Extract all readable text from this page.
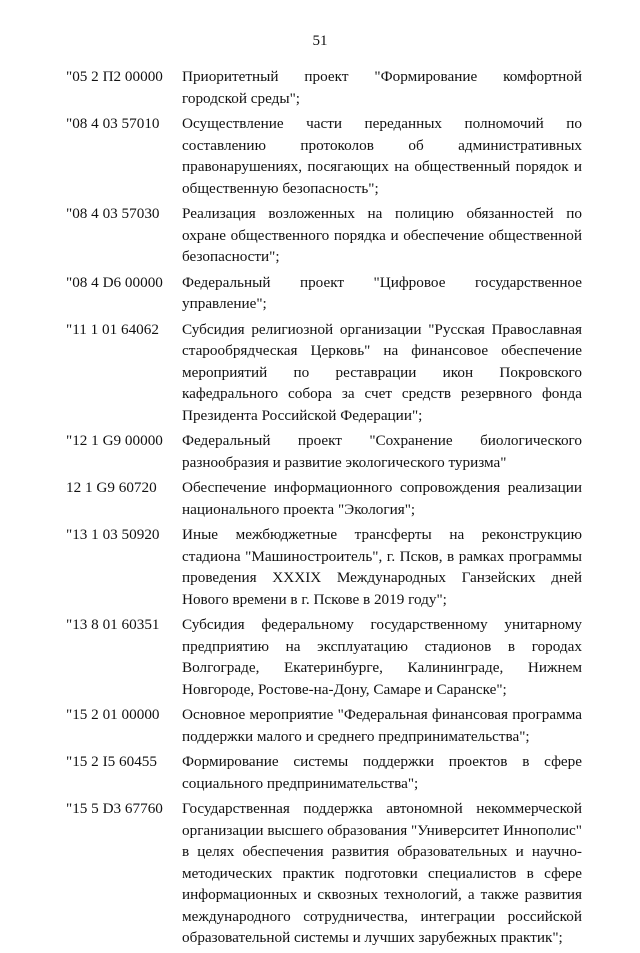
51
"05 2 П2 00000	Приоритетный проект "Формирование комфортной городской среды";
"08 4 03 57010	Осуществление части переданных полномочий по составлению протоколов об административных правонарушениях, посягающих на общественный порядок и общественную безопасность";
"08 4 03 57030	Реализация возложенных на полицию обязанностей по охране общественного порядка и обеспечение общественной безопасности";
"08 4 D6 00000	Федеральный проект "Цифровое государственное управление";
"11 1 01 64062	Субсидия религиозной организации "Русская Православная старообрядческая Церковь" на финансовое обеспечение мероприятий по реставрации икон Покровского кафедрального собора за счет средств резервного фонда Президента Российской Федерации";
"12 1 G9 00000	Федеральный проект "Сохранение биологического разнообразия и развитие экологического туризма"
12 1 G9 60720	Обеспечение информационного сопровождения реализации национального проекта "Экология";
"13 1 03 50920	Иные межбюджетные трансферты на реконструкцию стадиона "Машиностроитель", г. Псков, в рамках программы проведения XXXIX Международных Ганзейских дней Нового времени в г. Пскове в 2019 году";
"13 8 01 60351	Субсидия федеральному государственному унитарному предприятию на эксплуатацию стадионов в городах Волгограде, Екатеринбурге, Калининграде, Нижнем Новгороде, Ростове-на-Дону, Самаре и Саранске";
"15 2 01 00000	Основное мероприятие "Федеральная финансовая программа поддержки малого и среднего предпринимательства";
"15 2 I5 60455	Формирование системы поддержки проектов в сфере социального предпринимательства";
"15 5 D3 67760	Государственная поддержка автономной некоммерческой организации высшего образования "Университет Иннополис" в целях обеспечения развития образовательных и научно-методических практик подготовки специалистов в сфере информационных и сквозных технологий, а также развития международного сотрудничества, интеграции российской образовательной системы и лучших зарубежных практик";
